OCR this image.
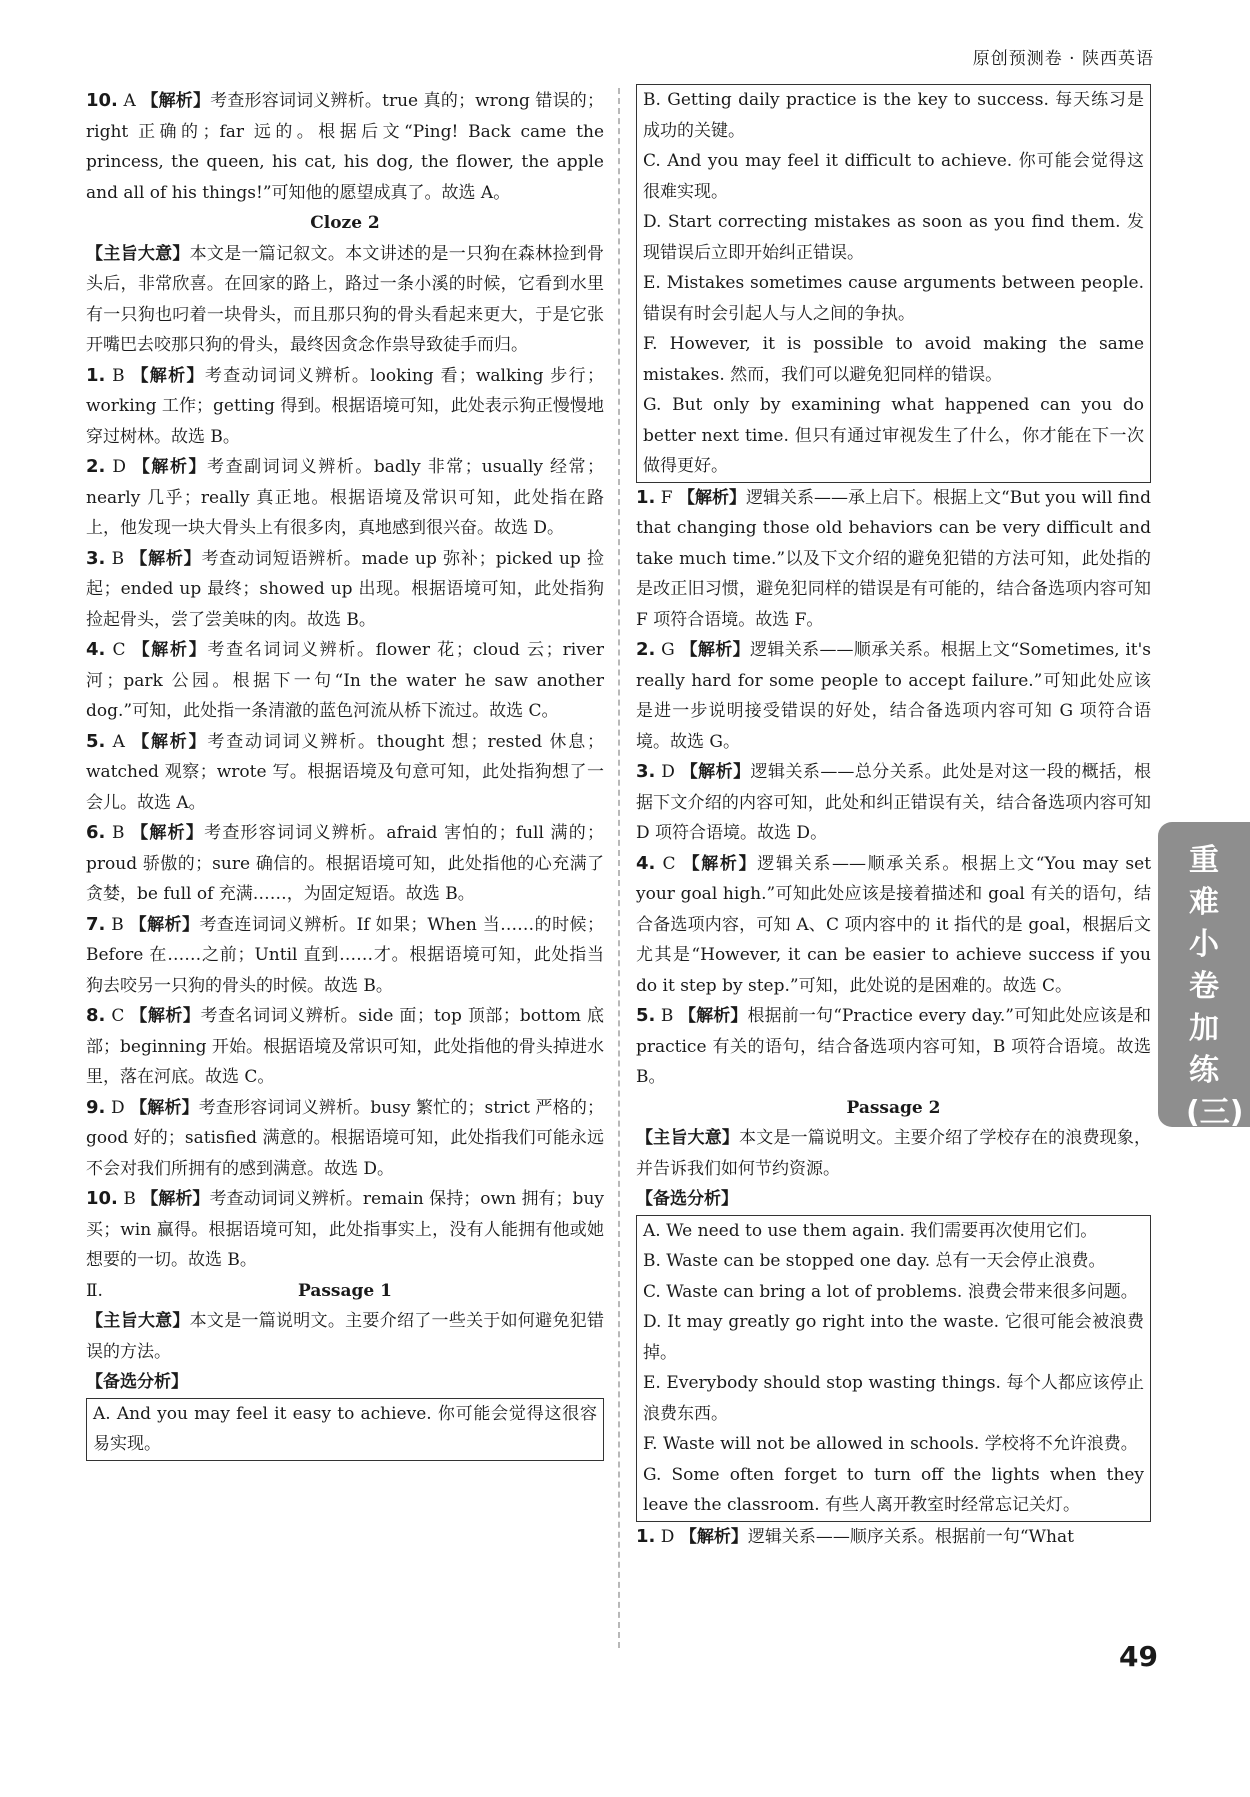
原创预测卷 · 陕西英语

10. A 【解析】考查形容词词义辨析。true 真的；wrong 错误的；right 正确的；far 远的。根据后文“Ping! Back came the princess, the queen, his cat, his dog, the flower, the apple and all of his things!”可知他的愿望成真了。故选 A。

Cloze 2

【主旨大意】本文是一篇记叙文。本文讲述的是一只狗在森林捡到骨头后，非常欣喜。在回家的路上，路过一条小溪的时候，它看到水里有一只狗也叼着一块骨头，而且那只狗的骨头看起来更大，于是它张开嘴巴去咬那只狗的骨头，最终因贪念作祟导致徒手而归。

1. B 【解析】考查动词词义辨析。looking 看；walking 步行；working 工作；getting 得到。根据语境可知，此处表示狗正慢慢地穿过树林。故选 B。

2. D 【解析】考查副词词义辨析。badly 非常；usually 经常；nearly 几乎；really 真正地。根据语境及常识可知，此处指在路上，他发现一块大骨头上有很多肉，真地感到很兴奋。故选 D。

3. B 【解析】考查动词短语辨析。made up 弥补；picked up 捡起；ended up 最终；showed up 出现。根据语境可知，此处指狗捡起骨头，尝了尝美味的肉。故选 B。

4. C 【解析】考查名词词义辨析。flower 花；cloud 云；river 河；park 公园。根据下一句“In the water he saw another dog.”可知，此处指一条清澈的蓝色河流从桥下流过。故选 C。

5. A 【解析】考查动词词义辨析。thought 想；rested 休息；watched 观察；wrote 写。根据语境及句意可知，此处指狗想了一会儿。故选 A。

6. B 【解析】考查形容词词义辨析。afraid 害怕的；full 满的；proud 骄傲的；sure 确信的。根据语境可知，此处指他的心充满了贪婪，be full of 充满……，为固定短语。故选 B。

7. B 【解析】考查连词词义辨析。If 如果；When 当……的时候；Before 在……之前；Until 直到……才。根据语境可知，此处指当狗去咬另一只狗的骨头的时候。故选 B。

8. C 【解析】考查名词词义辨析。side 面；top 顶部；bottom 底部；beginning 开始。根据语境及常识可知，此处指他的骨头掉进水里，落在河底。故选 C。

9. D 【解析】考查形容词词义辨析。busy 繁忙的；strict 严格的；good 好的；satisfied 满意的。根据语境可知，此处指我们可能永远不会对我们所拥有的感到满意。故选 D。

10. B 【解析】考查动词词义辨析。remain 保持；own 拥有；buy 买；win 赢得。根据语境可知，此处指事实上，没有人能拥有他或她想要的一切。故选 B。

Ⅱ.	Passage 1

【主旨大意】本文是一篇说明文。主要介绍了一些关于如何避免犯错误的方法。

【备选分析】

A. And you may feel it easy to achieve. 你可能会觉得这很容易实现。

B. Getting daily practice is the key to success. 每天练习是成功的关键。

C. And you may feel it difficult to achieve. 你可能会觉得这很难实现。

D. Start correcting mistakes as soon as you find them. 发现错误后立即开始纠正错误。

E. Mistakes sometimes cause arguments between people. 错误有时会引起人与人之间的争执。

F. However, it is possible to avoid making the same mistakes. 然而，我们可以避免犯同样的错误。

G. But only by examining what happened can you do better next time. 但只有通过审视发生了什么，你才能在下一次做得更好。

1. F 【解析】逻辑关系——承上启下。根据上文“But you will find that changing those old behaviors can be very difficult and take much time.”以及下文介绍的避免犯错的方法可知，此处指的是改正旧习惯，避免犯同样的错误是有可能的，结合备选项内容可知 F 项符合语境。故选 F。

2. G 【解析】逻辑关系——顺承关系。根据上文“Sometimes, it's really hard for some people to accept failure.”可知此处应该是进一步说明接受错误的好处，结合备选项内容可知 G 项符合语境。故选 G。

3. D 【解析】逻辑关系——总分关系。此处是对这一段的概括，根据下文介绍的内容可知，此处和纠正错误有关，结合备选项内容可知 D 项符合语境。故选 D。

4. C 【解析】逻辑关系——顺承关系。根据上文“You may set your goal high.”可知此处应该是接着描述和 goal 有关的语句，结合备选项内容，可知 A、C 项内容中的 it 指代的是 goal，根据后文尤其是“However, it can be easier to achieve success if you do it step by step.”可知，此处说的是困难的。故选 C。

5. B 【解析】根据前一句“Practice every day.”可知此处应该是和 practice 有关的语句，结合备选项内容可知，B 项符合语境。故选 B。

Passage 2

【主旨大意】本文是一篇说明文。主要介绍了学校存在的浪费现象，并告诉我们如何节约资源。

【备选分析】

A. We need to use them again. 我们需要再次使用它们。

B. Waste can be stopped one day. 总有一天会停止浪费。

C. Waste can bring a lot of problems. 浪费会带来很多问题。

D. It may greatly go right into the waste. 它很可能会被浪费掉。

E. Everybody should stop wasting things. 每个人都应该停止浪费东西。

F. Waste will not be allowed in schools. 学校将不允许浪费。

G. Some often forget to turn off the lights when they leave the classroom. 有些人离开教室时经常忘记关灯。

1. D 【解析】逻辑关系——顺序关系。根据前一句“What

重难小卷加练(三)
49
